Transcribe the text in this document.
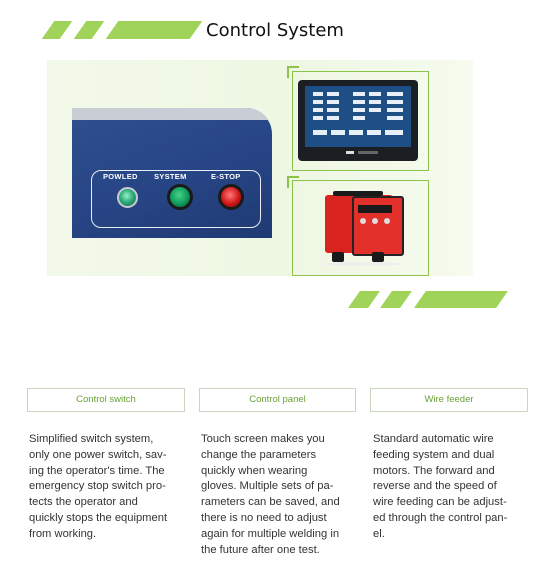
Control System
POWLED SYSTEM	E-STOP
Control switch	Control panel	Wire feeder
Simplified switch system,
only one power switch, sav-
ing the operator's time. The
emergency stop switch pro-
tects the operator and
quickly stops the equipment
from working.
Touch screen makes you
change the parameters
quickly when wearing
gloves. Multiple sets of pa-
rameters can be saved, and
there is no need to adjust
again for multiple welding in
the future after one test.
Standard automatic wire
feeding system and dual
motors. The forward and
reverse and the speed of
wire feeding can be adjust-
ed through the control pan-
el.
